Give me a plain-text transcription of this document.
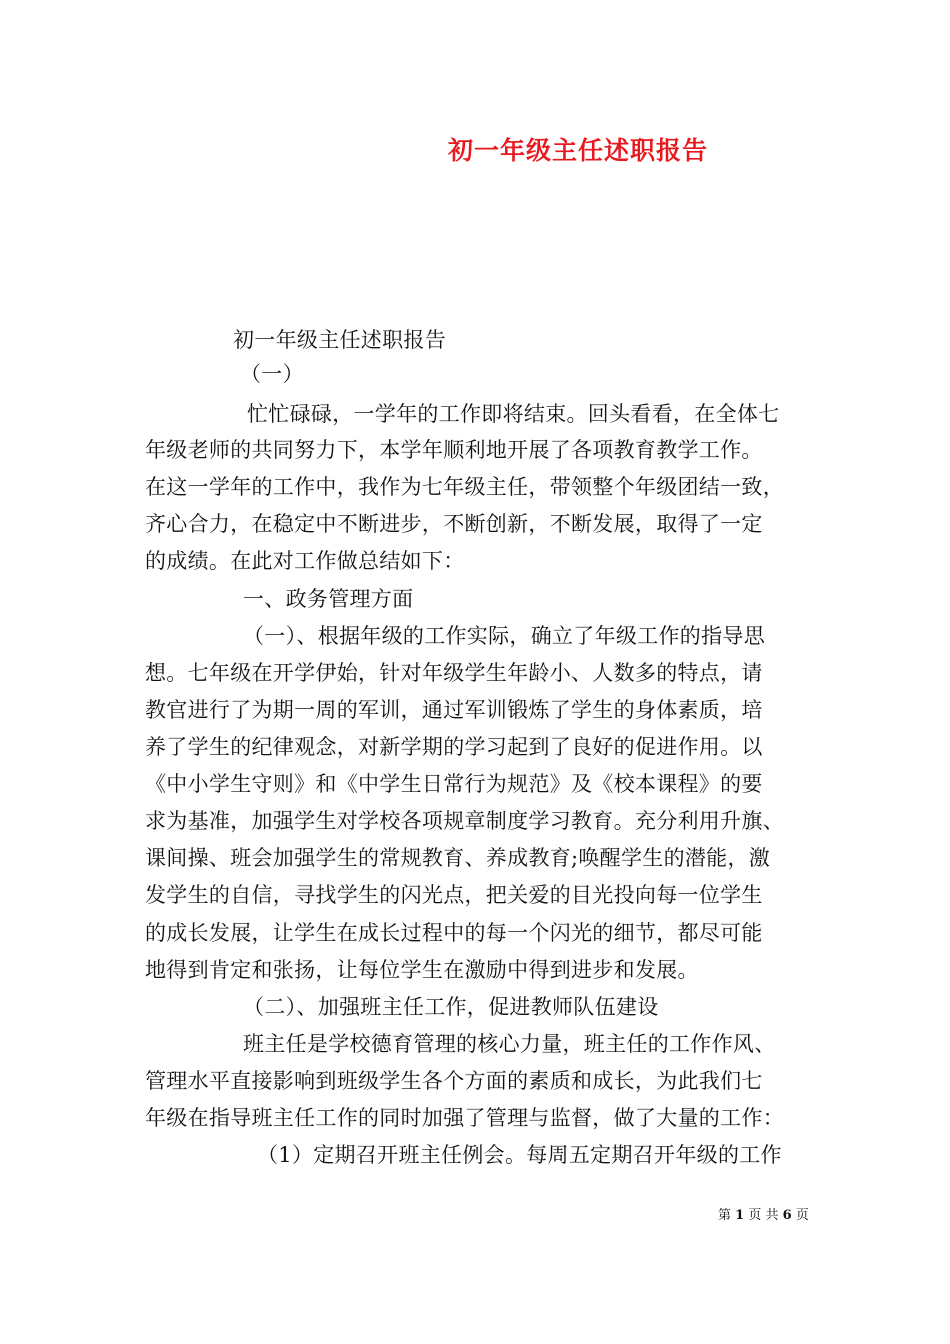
初一年级主任述职报告
初一年级主任述职报告
（一）
忙忙碌碌，一学年的工作即将结束。回头看看，在全体七
年级老师的共同努力下，本学年顺利地开展了各项教育教学工作。
在这一学年的工作中，我作为七年级主任，带领整个年级团结一致，
齐心合力，在稳定中不断进步，不断创新，不断发展，取得了一定
的成绩。在此对工作做总结如下：
一、政务管理方面
（一）、根据年级的工作实际，确立了年级工作的指导思
想。七年级在开学伊始，针对年级学生年龄小、人数多的特点，请
教官进行了为期一周的军训，通过军训锻炼了学生的身体素质，培
养了学生的纪律观念，对新学期的学习起到了良好的促进作用。以
《中小学生守则》和《中学生日常行为规范》及《校本课程》的要
求为基准，加强学生对学校各项规章制度学习教育。充分利用升旗、
课间操、班会加强学生的常规教育、养成教育;唤醒学生的潜能，激
发学生的自信，寻找学生的闪光点，把关爱的目光投向每一位学生
的成长发展，让学生在成长过程中的每一个闪光的细节，都尽可能
地得到肯定和张扬，让每位学生在激励中得到进步和发展。
（二）、加强班主任工作，促进教师队伍建设
班主任是学校德育管理的核心力量，班主任的工作作风、
管理水平直接影响到班级学生各个方面的素质和成长，为此我们七
年级在指导班主任工作的同时加强了管理与监督，做了大量的工作：
（1）定期召开班主任例会。每周五定期召开年级的工作
第 1 页 共 6 页
